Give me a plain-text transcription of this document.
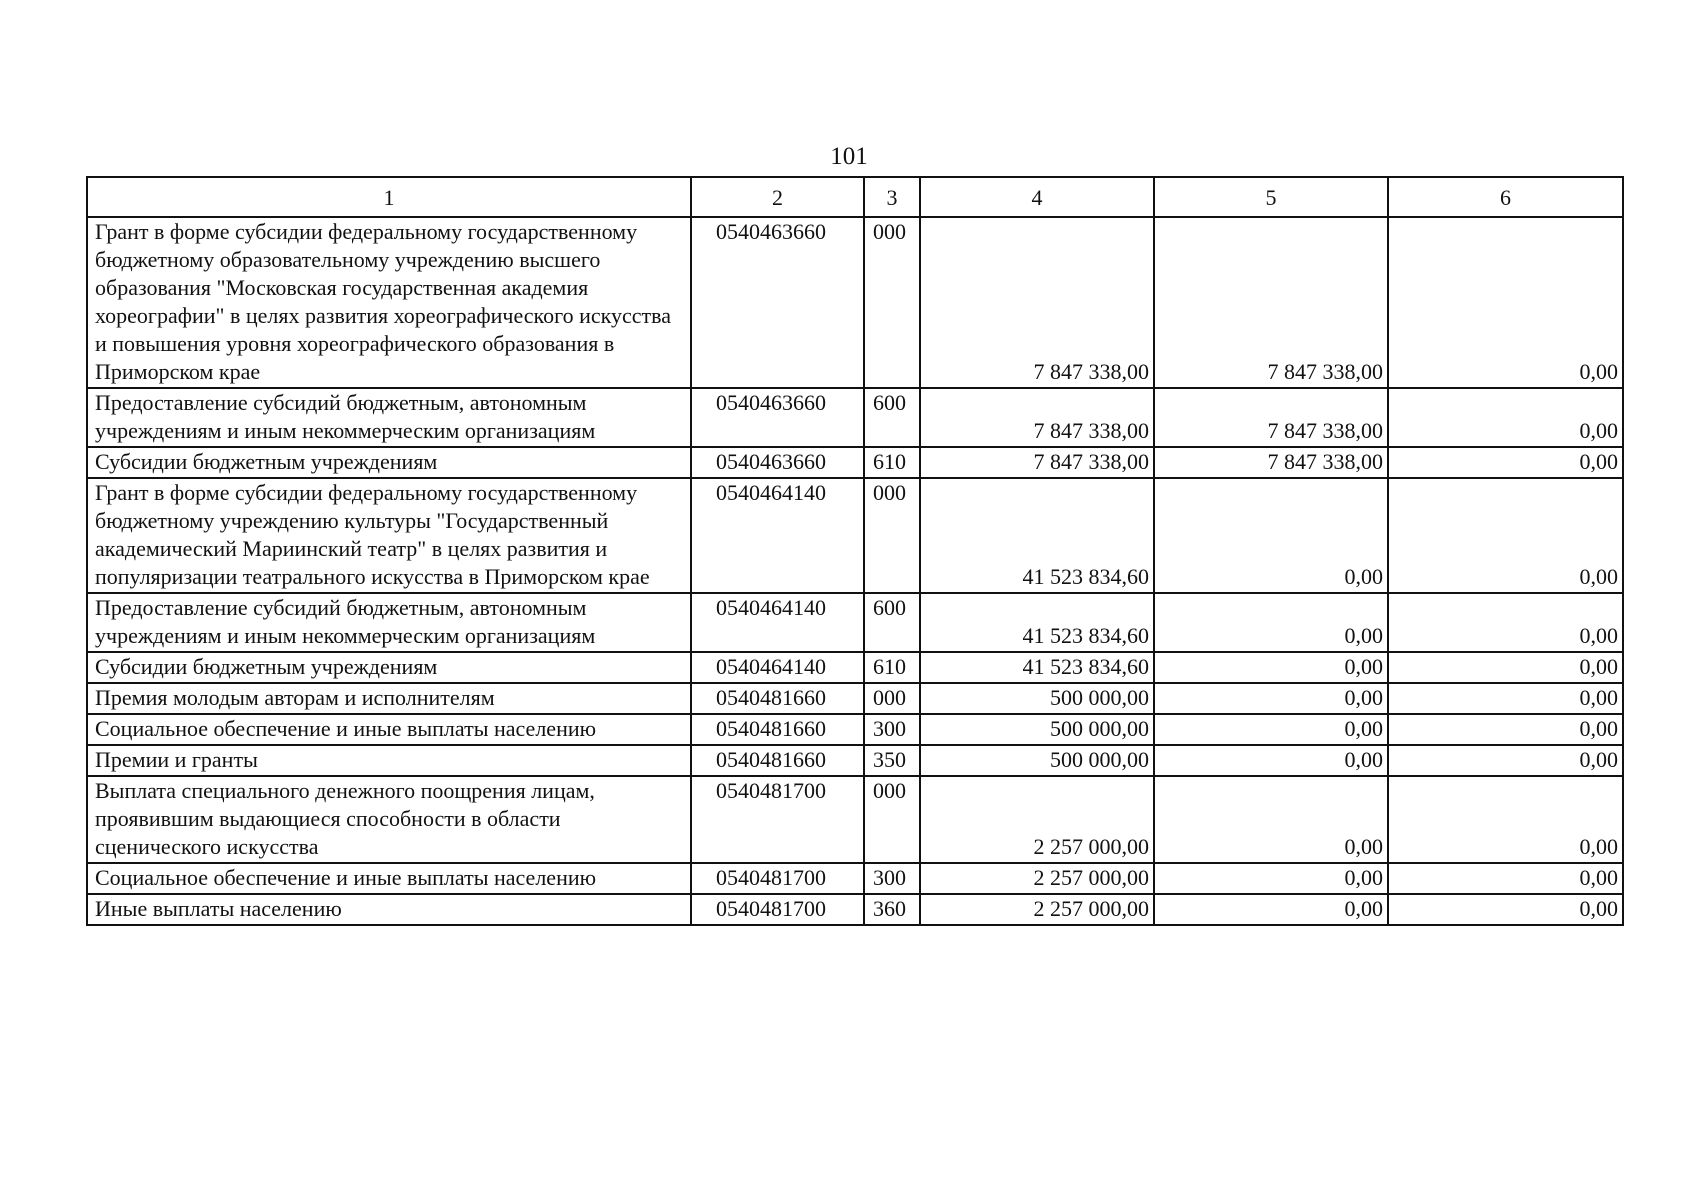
101
1	2	3	4	5	6
Грант в форме субсидии федеральному государственному бюджетному образовательному учреждению высшего образования "Московская государственная академия хореографии" в целях развития хореографического искусства и повышения уровня хореографического образования в Приморском крае	0540463660	000	7 847 338,00	7 847 338,00	0,00
Предоставление субсидий бюджетным, автономным учреждениям и иным некоммерческим организациям	0540463660	600	7 847 338,00	7 847 338,00	0,00
Субсидии бюджетным учреждениям	0540463660	610	7 847 338,00	7 847 338,00	0,00
Грант в форме субсидии федеральному государственному бюджетному учреждению культуры "Государственный академический Мариинский театр" в целях развития и популяризации театрального искусства в Приморском крае	0540464140	000	41 523 834,60	0,00	0,00
Предоставление субсидий бюджетным, автономным учреждениям и иным некоммерческим организациям	0540464140	600	41 523 834,60	0,00	0,00
Субсидии бюджетным учреждениям	0540464140	610	41 523 834,60	0,00	0,00
Премия молодым авторам и исполнителям	0540481660	000	500 000,00	0,00	0,00
Социальное обеспечение и иные выплаты населению	0540481660	300	500 000,00	0,00	0,00
Премии и гранты	0540481660	350	500 000,00	0,00	0,00
Выплата специального денежного поощрения лицам, проявившим выдающиеся способности в области сценического искусства	0540481700	000	2 257 000,00	0,00	0,00
Социальное обеспечение и иные выплаты населению	0540481700	300	2 257 000,00	0,00	0,00
Иные выплаты населению	0540481700	360	2 257 000,00	0,00	0,00
